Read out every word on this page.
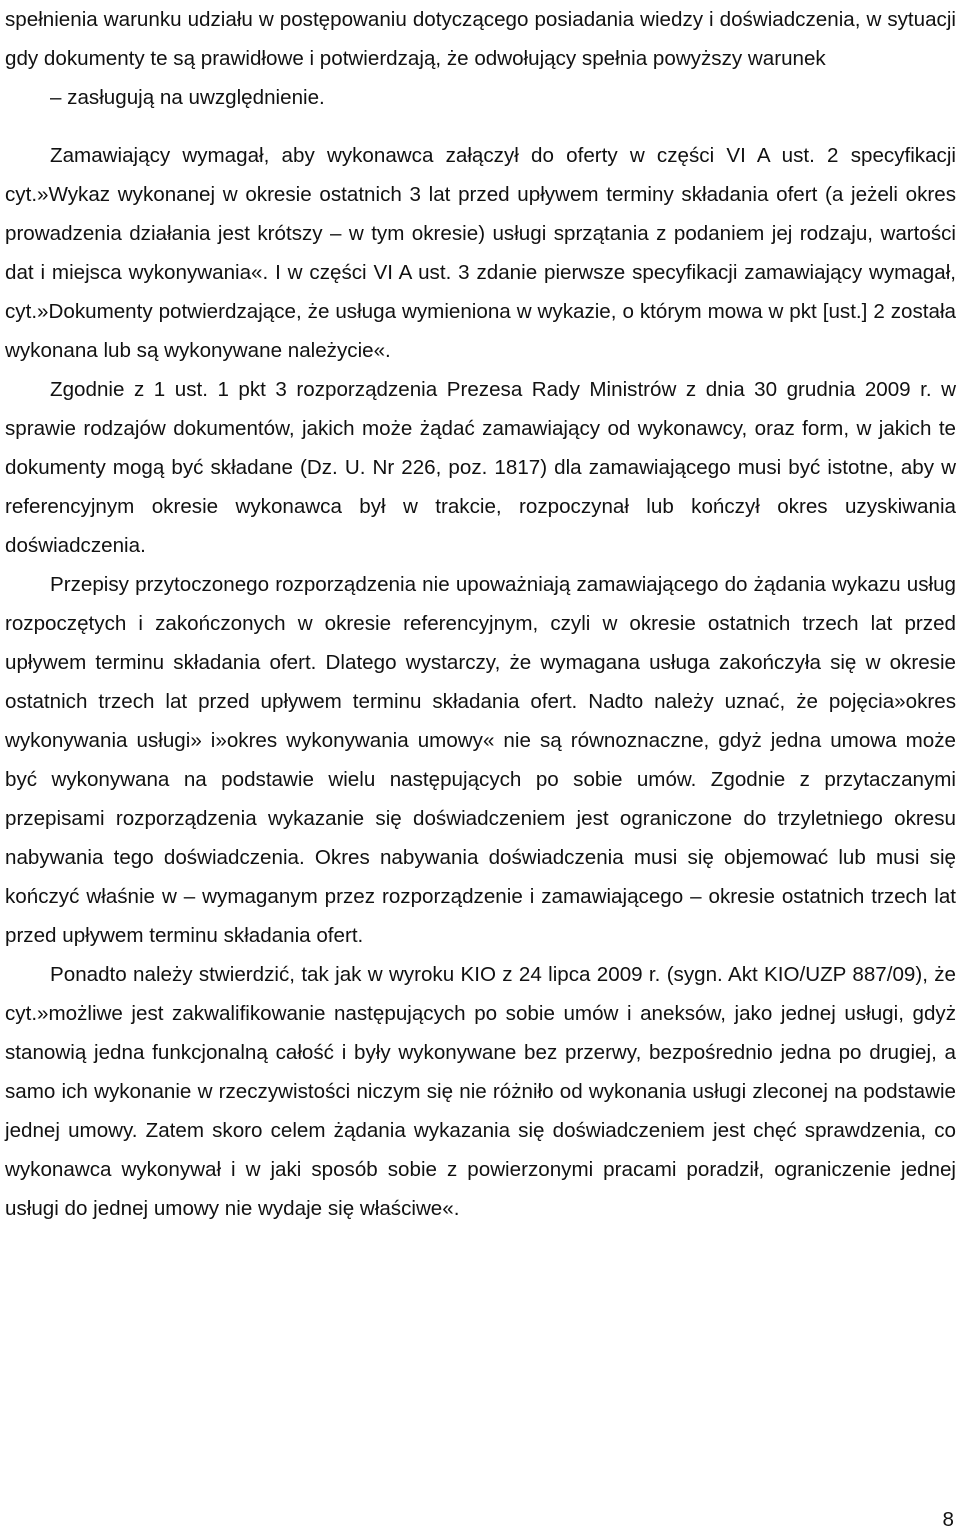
spełnienia warunku udziału w postępowaniu dotyczącego posiadania wiedzy i doświadczenia, w sytuacji gdy dokumenty te są prawidłowe i potwierdzają, że odwołujący spełnia powyższy warunek

– zasługują na uwzględnienie.

Zamawiający wymagał, aby wykonawca załączył do oferty w części VI A ust. 2 specyfikacji cyt.»Wykaz wykonanej w okresie ostatnich 3 lat przed upływem terminy składania ofert (a jeżeli okres prowadzenia działania jest krótszy – w tym okresie) usługi sprzątania z podaniem jej rodzaju, wartości dat i miejsca wykonywania«. I w części VI A ust. 3 zdanie pierwsze specyfikacji zamawiający wymagał, cyt.»Dokumenty potwierdzające, że usługa wymieniona w wykazie, o którym mowa w pkt [ust.] 2 została wykonana lub są wykonywane należycie«.

Zgodnie z 1 ust. 1 pkt 3 rozporządzenia Prezesa Rady Ministrów z dnia 30 grudnia 2009 r. w sprawie rodzajów dokumentów, jakich może żądać zamawiający od wykonawcy, oraz form, w jakich te dokumenty mogą być składane (Dz. U. Nr 226, poz. 1817) dla zamawiającego musi być istotne, aby w referencyjnym okresie wykonawca był w trakcie, rozpoczynał lub kończył okres uzyskiwania doświadczenia.

Przepisy przytoczonego rozporządzenia nie upoważniają zamawiającego do żądania wykazu usług rozpoczętych i zakończonych w okresie referencyjnym, czyli w okresie ostatnich trzech lat przed upływem terminu składania ofert. Dlatego wystarczy, że wymagana usługa zakończyła się w okresie ostatnich trzech lat przed upływem terminu składania ofert. Nadto należy uznać, że pojęcia»okres wykonywania usługi» i»okres wykonywania umowy« nie są równoznaczne, gdyż jedna umowa może być wykonywana na podstawie wielu następujących po sobie umów. Zgodnie z przytaczanymi przepisami rozporządzenia wykazanie się doświadczeniem jest ograniczone do trzyletniego okresu nabywania tego doświadczenia. Okres nabywania doświadczenia musi się objemować lub musi się kończyć właśnie w – wymaganym przez rozporządzenie i zamawiającego – okresie ostatnich trzech lat przed upływem terminu składania ofert.

Ponadto należy stwierdzić, tak jak w wyroku KIO z 24 lipca 2009 r. (sygn. Akt KIO/UZP 887/09), że cyt.»możliwe jest zakwalifikowanie następujących po sobie umów i aneksów, jako jednej usługi, gdyż stanowią jedna funkcjonalną całość i były wykonywane bez przerwy, bezpośrednio jedna po drugiej, a samo ich wykonanie w rzeczywistości niczym się nie różniło od wykonania usługi zleconej na podstawie jednej umowy. Zatem skoro celem żądania wykazania się doświadczeniem jest chęć sprawdzenia, co wykonawca wykonywał i w jaki sposób sobie z powierzonymi pracami poradził, ograniczenie jednej usługi do jednej umowy nie wydaje się właściwe«.

8
